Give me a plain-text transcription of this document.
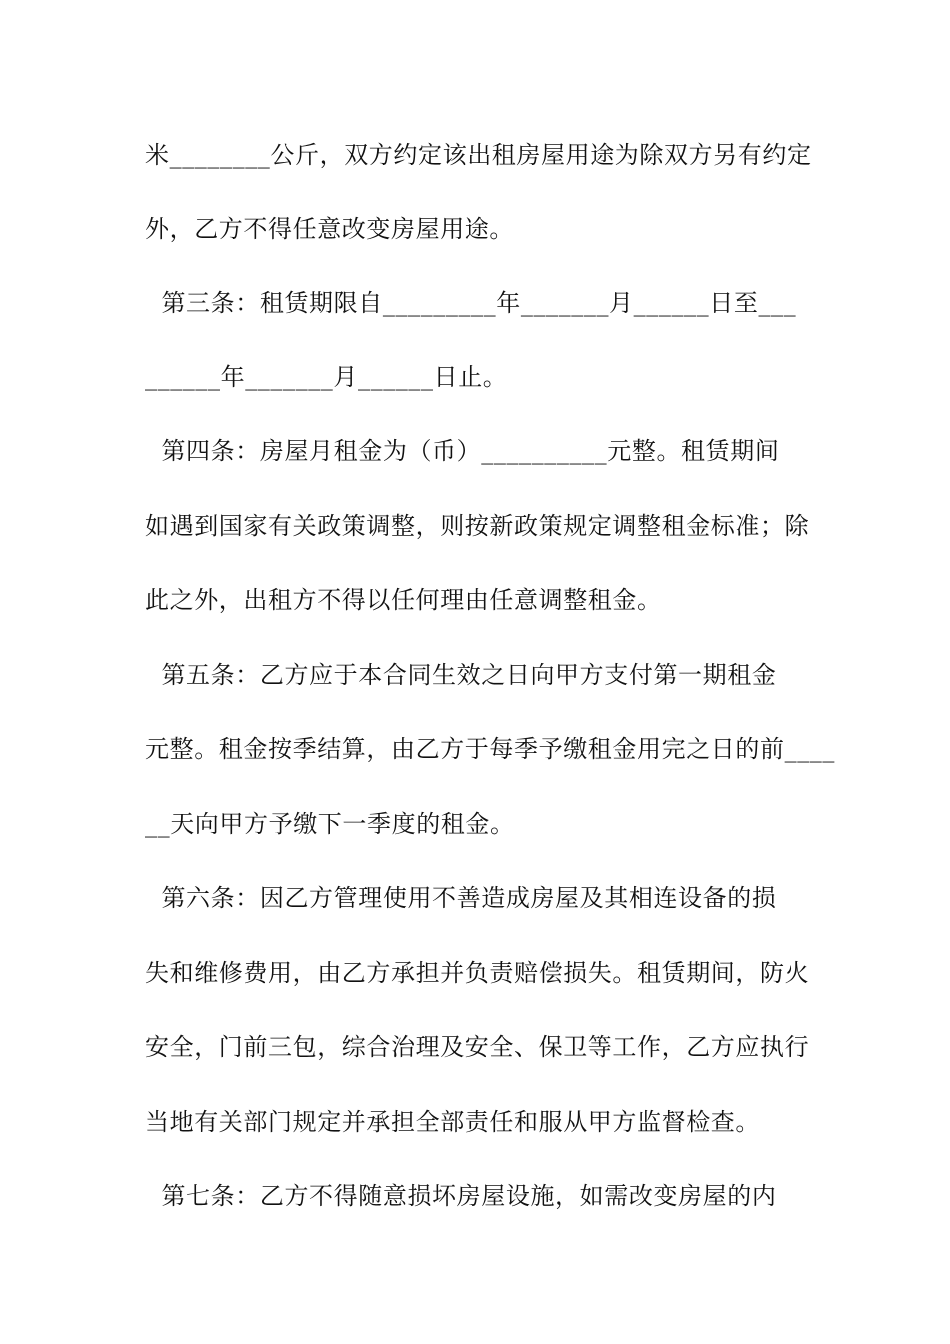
米________公斤，双方约定该出租房屋用途为除双方另有约定
外，乙方不得任意改变房屋用途。
第三条：租赁期限自_________年_______月______日至___
______年_______月______日止。
第四条：房屋月租金为（币）__________元整。租赁期间
如遇到国家有关政策调整，则按新政策规定调整租金标准；除
此之外，出租方不得以任何理由任意调整租金。
第五条：乙方应于本合同生效之日向甲方支付第一期租金
元整。租金按季结算，由乙方于每季予缴租金用完之日的前____
__天向甲方予缴下一季度的租金。
第六条：因乙方管理使用不善造成房屋及其相连设备的损
失和维修费用，由乙方承担并负责赔偿损失。租赁期间，防火
安全，门前三包，综合治理及安全、保卫等工作，乙方应执行
当地有关部门规定并承担全部责任和服从甲方监督检查。
第七条：乙方不得随意损坏房屋设施，如需改变房屋的内
